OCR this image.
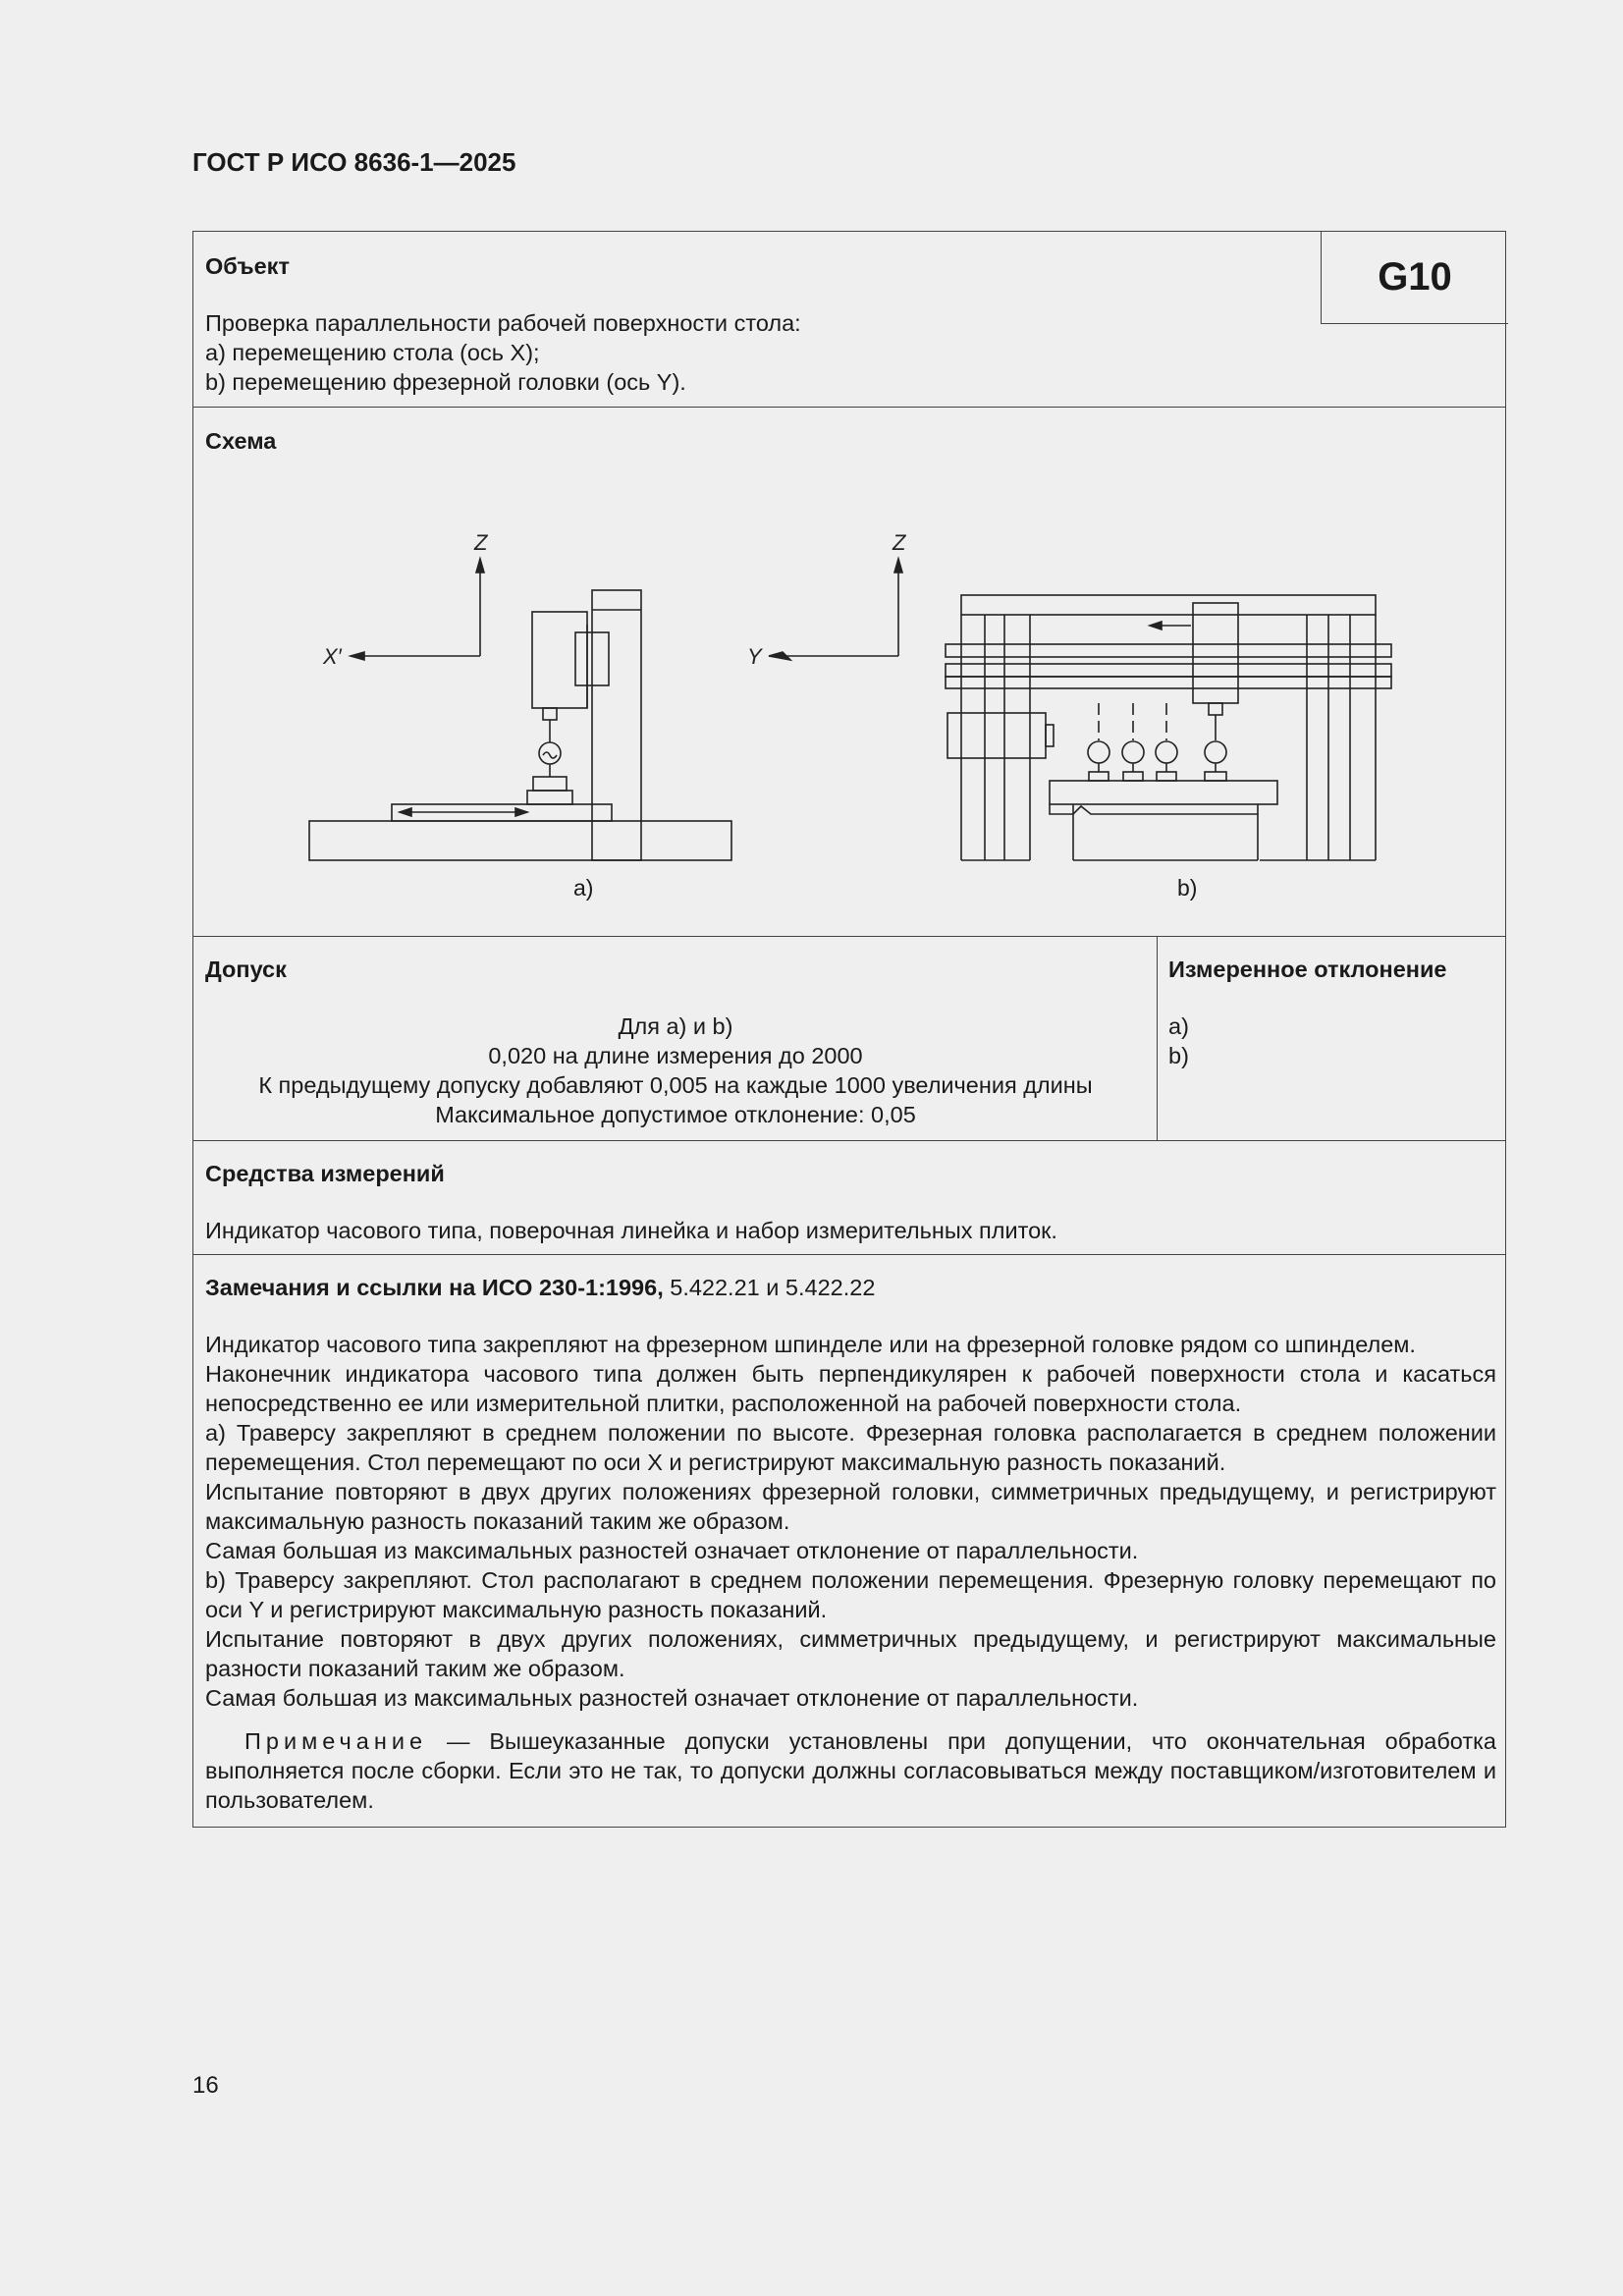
ГОСТ Р ИСО 8636-1—2025
G10
Объект
Проверка параллельности рабочей поверхности стола:
a) перемещению стола (ось X);
b) перемещению фрезерной головки (ось Y).
Схема
Z
X′
Z
Y
a)	b)
Допуск
Для a) и b)
0,020 на длине измерения до 2000
К предыдущему допуску добавляют 0,005 на каждые 1000 увеличения длины
Максимальное допустимое отклонение: 0,05
Измеренное отклонение
a)
b)
Средства измерений
Индикатор часового типа, поверочная линейка и набор измерительных плиток.
Замечания и ссылки на ИСО 230-1:1996, 5.422.21 и 5.422.22

Индикатор часового типа закрепляют на фрезерном шпинделе или на фрезерной головке рядом со шпинделем.

Наконечник индикатора часового типа должен быть перпендикулярен к рабочей поверхности стола и касаться непосредственно ее или измерительной плитки, расположенной на рабочей поверхности стола.

a) Траверсу закрепляют в среднем положении по высоте. Фрезерная головка располагается в среднем положении перемещения. Стол перемещают по оси X и регистрируют максимальную разность показаний.

Испытание повторяют в двух других положениях фрезерной головки, симметричных предыдущему, и регистрируют максимальную разность показаний таким же образом.

Самая большая из максимальных разностей означает отклонение от параллельности.

b) Траверсу закрепляют. Стол располагают в среднем положении перемещения. Фрезерную головку перемещают по оси Y и регистрируют максимальную разность показаний.

Испытание повторяют в двух других положениях, симметричных предыдущему, и регистрируют максимальные разности показаний таким же образом.

Самая большая из максимальных разностей означает отклонение от параллельности.

Примечание — Вышеуказанные допуски установлены при допущении, что окончательная обработка выполняется после сборки. Если это не так, то допуски должны согласовываться между поставщиком/изготовителем и пользователем.

16
